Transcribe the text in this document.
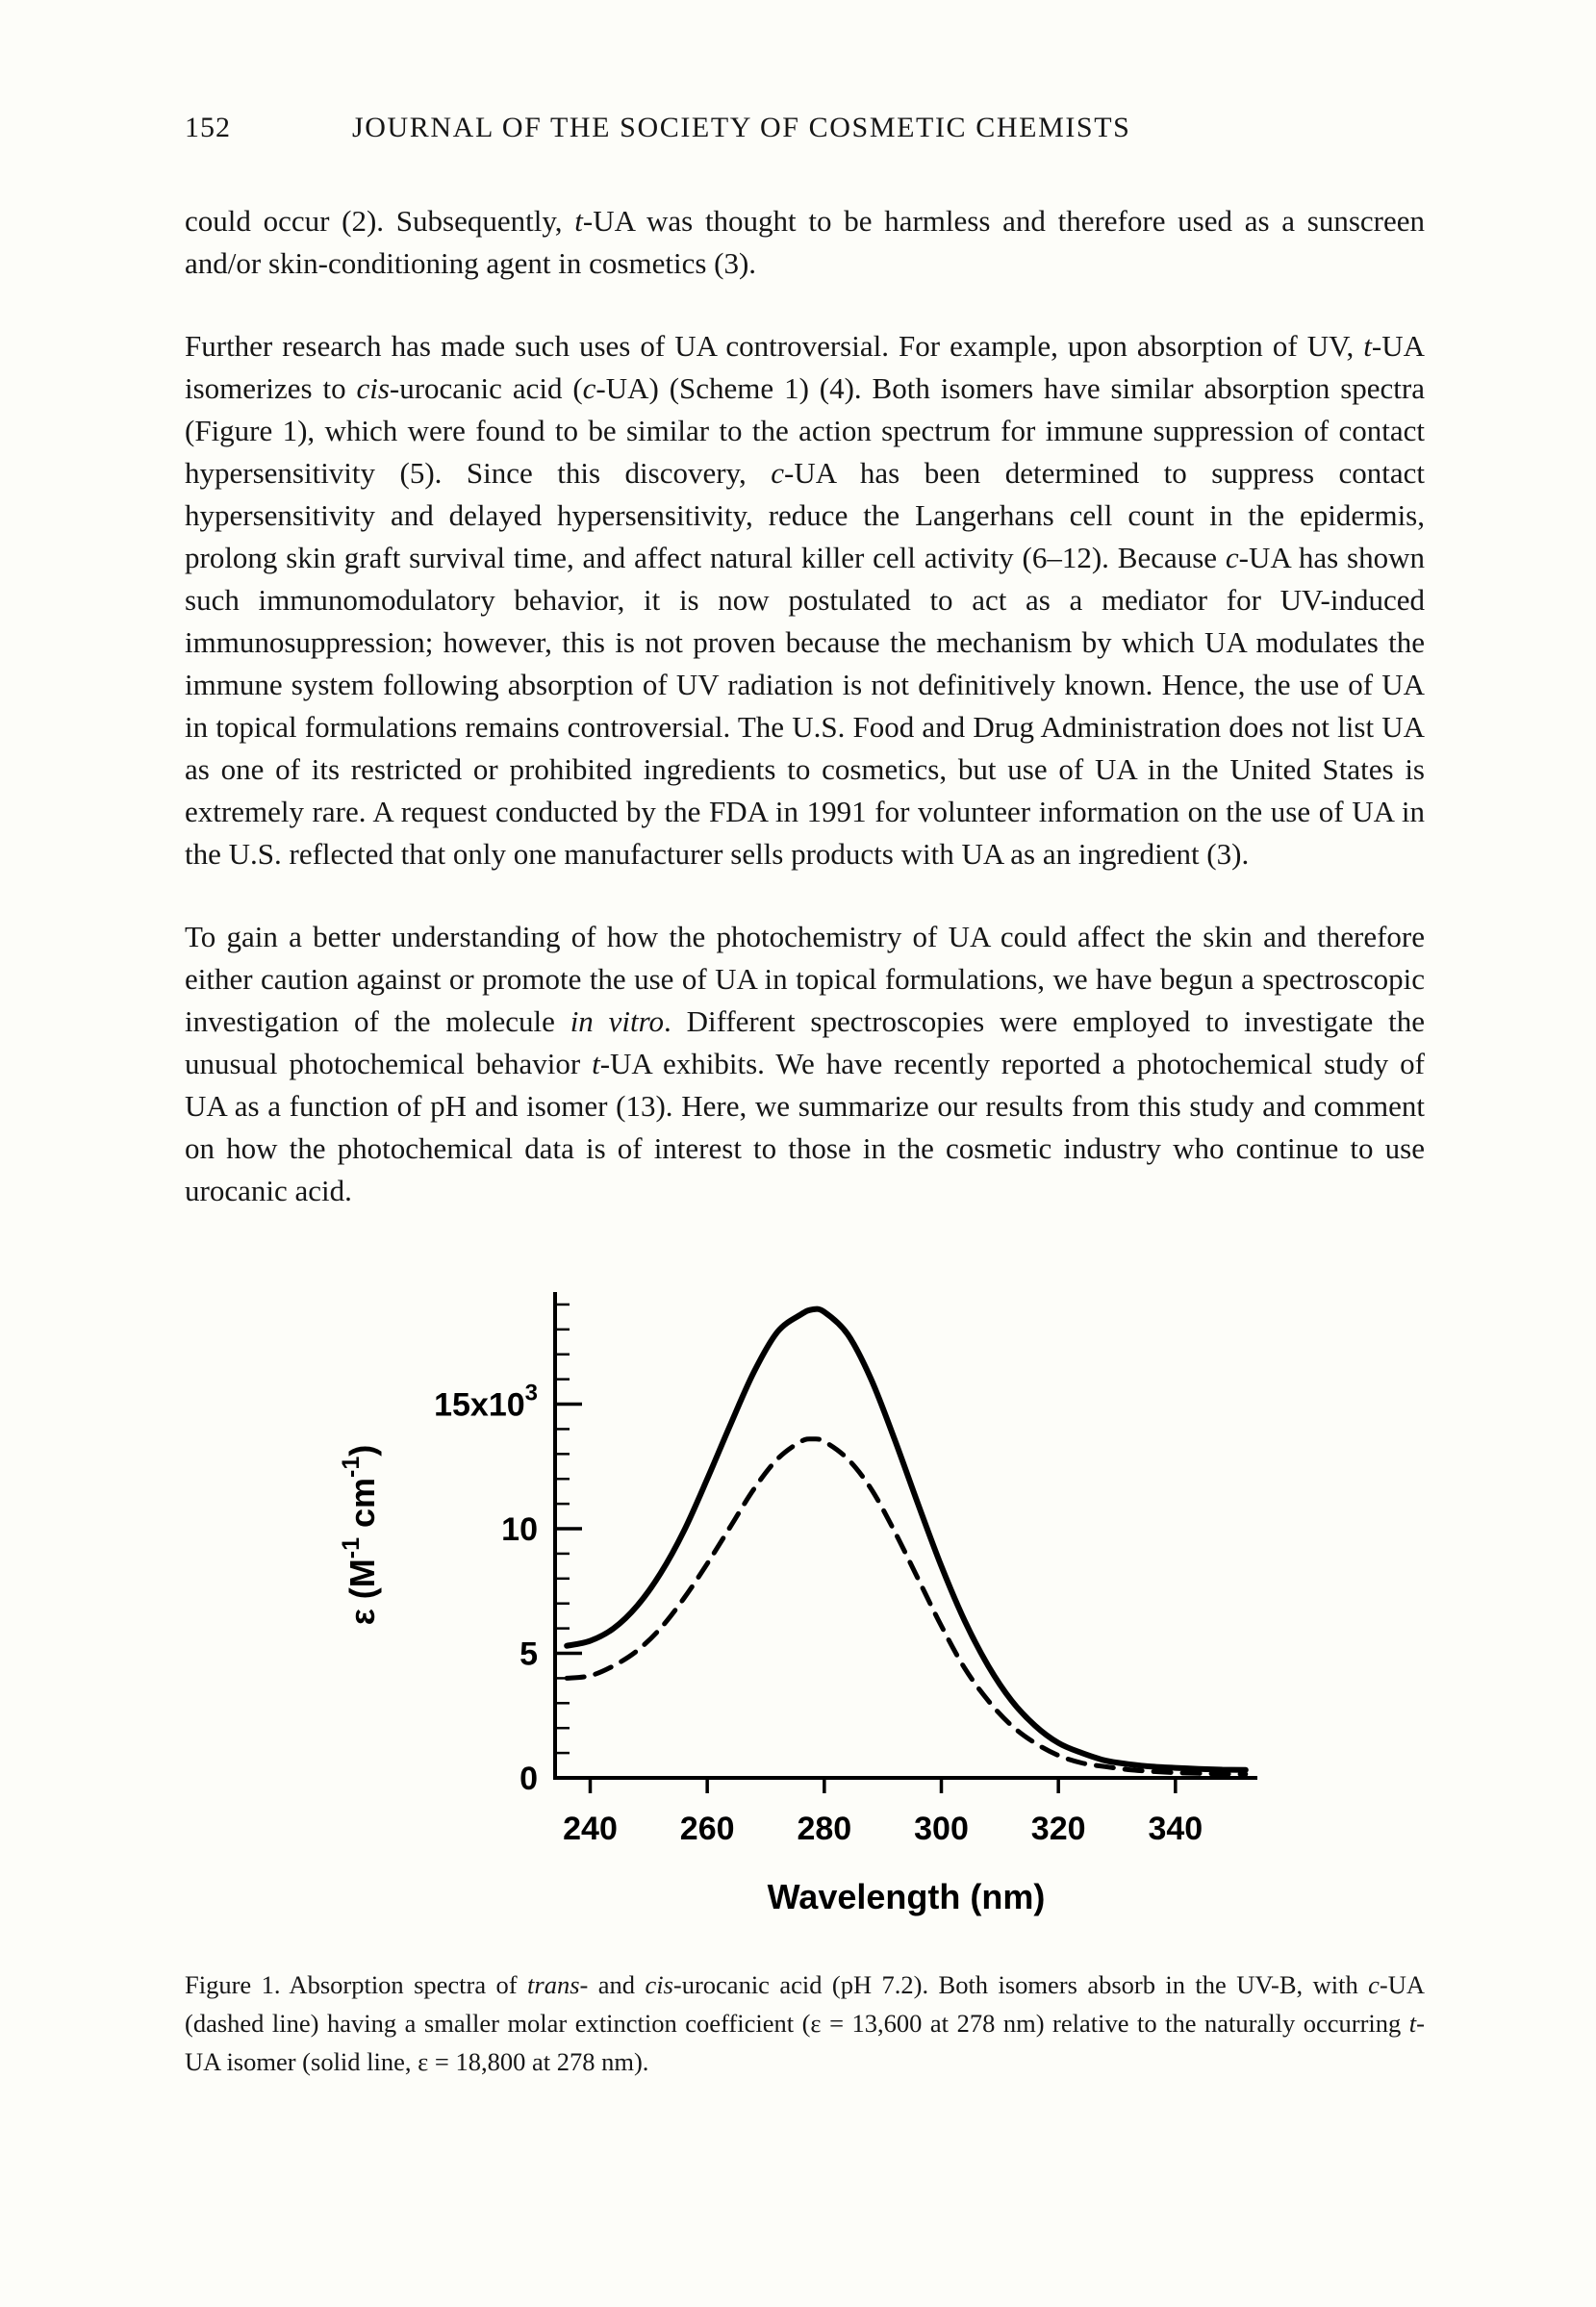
152	JOURNAL OF THE SOCIETY OF COSMETIC CHEMISTS

could occur (2). Subsequently, t-UA was thought to be harmless and therefore used as a sunscreen and/or skin-conditioning agent in cosmetics (3).

Further research has made such uses of UA controversial. For example, upon absorption of UV, t-UA isomerizes to cis-urocanic acid (c-UA) (Scheme 1) (4). Both isomers have similar absorption spectra (Figure 1), which were found to be similar to the action spectrum for immune suppression of contact hypersensitivity (5). Since this discovery, c-UA has been determined to suppress contact hypersensitivity and delayed hypersensitivity, reduce the Langerhans cell count in the epidermis, prolong skin graft survival time, and affect natural killer cell activity (6–12). Because c-UA has shown such immunomodulatory behavior, it is now postulated to act as a mediator for UV-induced immunosuppression; however, this is not proven because the mechanism by which UA modulates the immune system following absorption of UV radiation is not definitively known. Hence, the use of UA in topical formulations remains controversial. The U.S. Food and Drug Administration does not list UA as one of its restricted or prohibited ingredients to cosmetics, but use of UA in the United States is extremely rare. A request conducted by the FDA in 1991 for volunteer information on the use of UA in the U.S. reflected that only one manufacturer sells products with UA as an ingredient (3).

To gain a better understanding of how the photochemistry of UA could affect the skin and therefore either caution against or promote the use of UA in topical formulations, we have begun a spectroscopic investigation of the molecule in vitro. Different spectroscopies were employed to investigate the unusual photochemical behavior t-UA exhibits. We have recently reported a photochemical study of UA as a function of pH and isomer (13). Here, we summarize our results from this study and comment on how the photochemical data is of interest to those in the cosmetic industry who continue to use urocanic acid.

0
5
10
$15x10^3$
240 260 280 300 320 340
Wavelength (nm)
ε ($M^{-1}$ $cm^{-1}$)
Figure 1. Absorption spectra of trans- and cis-urocanic acid (pH 7.2). Both isomers absorb in the UV-B, with c-UA (dashed line) having a smaller molar extinction coefficient (ε = 13,600 at 278 nm) relative to the naturally occurring t-UA isomer (solid line, ε = 18,800 at 278 nm).
